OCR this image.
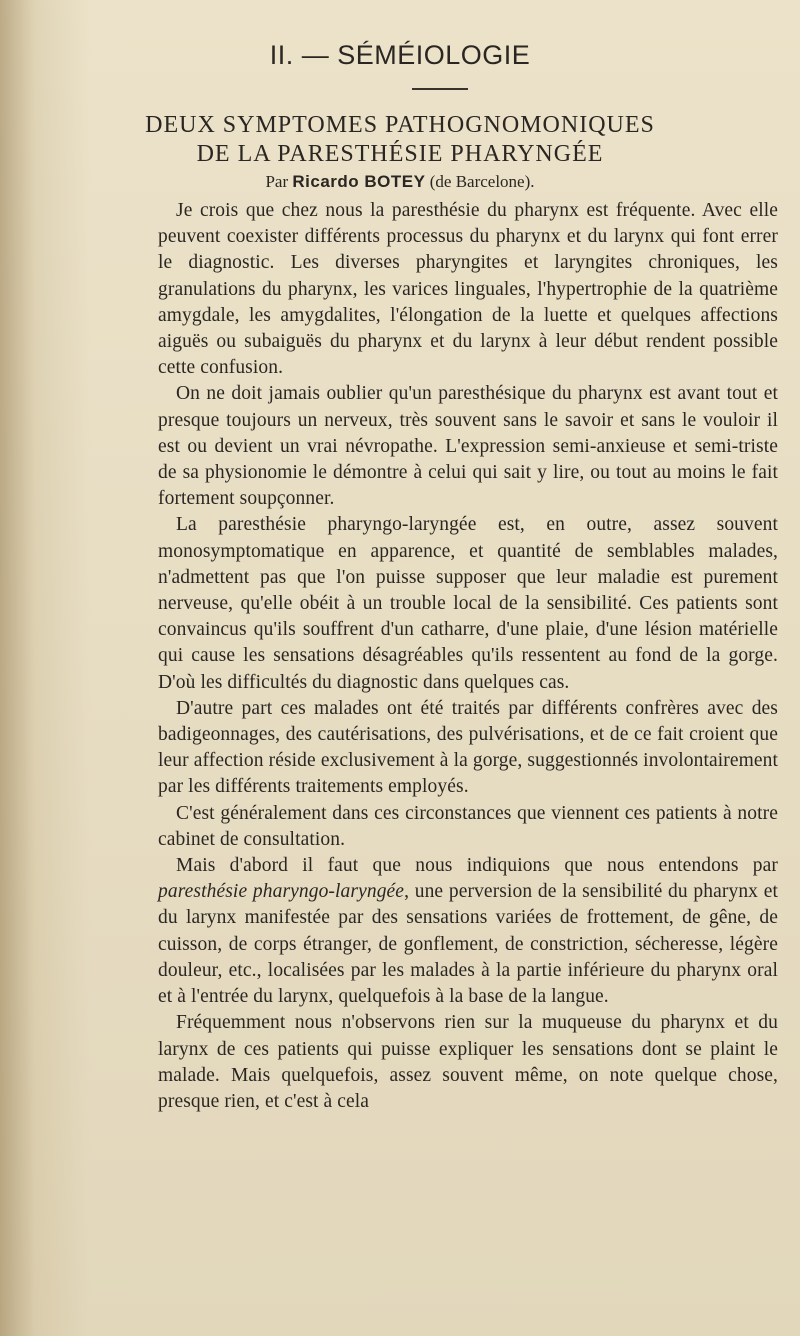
II. — SÉMÉIOLOGIE
DEUX SYMPTOMES PATHOGNOMONIQUES
DE LA PARESTHÉSIE PHARYNGÉE
Par Ricardo BOTEY (de Barcelone).

Je crois que chez nous la paresthésie du pharynx est fréquente. Avec elle peuvent coexister différents processus du pharynx et du larynx qui font errer le diagnostic. Les diverses pharyngites et laryngites chroniques, les granulations du pharynx, les varices linguales, l'hypertrophie de la quatrième amygdale, les amygdalites, l'élongation de la luette et quelques affections aiguës ou subaiguës du pharynx et du larynx à leur début rendent possible cette confusion.

On ne doit jamais oublier qu'un paresthésique du pharynx est avant tout et presque toujours un nerveux, très souvent sans le savoir et sans le vouloir il est ou devient un vrai névropathe. L'expression semi-anxieuse et semi-triste de sa physionomie le démontre à celui qui sait y lire, ou tout au moins le fait fortement soupçonner.

La paresthésie pharyngo-laryngée est, en outre, assez souvent monosymptomatique en apparence, et quantité de semblables malades, n'admettent pas que l'on puisse supposer que leur maladie est purement nerveuse, qu'elle obéit à un trouble local de la sensibilité. Ces patients sont convaincus qu'ils souffrent d'un catharre, d'une plaie, d'une lésion matérielle qui cause les sensations désagréables qu'ils ressentent au fond de la gorge. D'où les difficultés du diagnostic dans quelques cas.

D'autre part ces malades ont été traités par différents confrères avec des badigeonnages, des cautérisations, des pulvérisations, et de ce fait croient que leur affection réside exclusivement à la gorge, suggestionnés involontairement par les différents traitements employés.

C'est généralement dans ces circonstances que viennent ces patients à notre cabinet de consultation.

Mais d'abord il faut que nous indiquions que nous entendons par paresthésie pharyngo-laryngée, une perversion de la sensibilité du pharynx et du larynx manifestée par des sensations variées de frottement, de gêne, de cuisson, de corps étranger, de gonflement, de constriction, sécheresse, légère douleur, etc., localisées par les malades à la partie inférieure du pharynx oral et à l'entrée du larynx, quelquefois à la base de la langue.

Fréquemment nous n'observons rien sur la muqueuse du pharynx et du larynx de ces patients qui puisse expliquer les sensations dont se plaint le malade. Mais quelquefois, assez souvent même, on note quelque chose, presque rien, et c'est à cela
